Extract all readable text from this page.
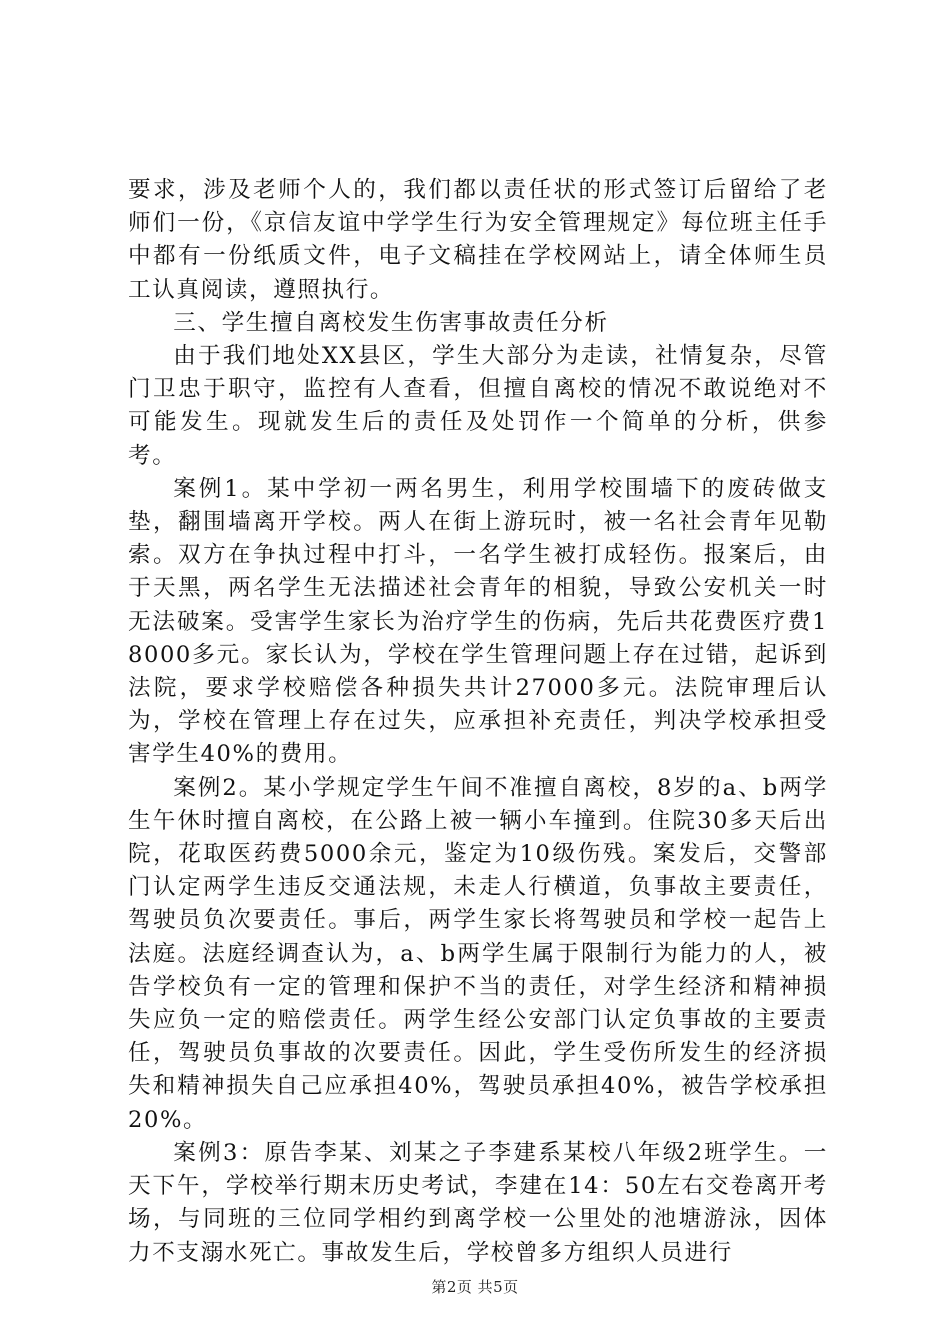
要求，涉及老师个人的，我们都以责任状的形式签订后留给了老师们一份，《京信友谊中学学生行为安全管理规定》每位班主任手中都有一份纸质文件，电子文稿挂在学校网站上，请全体师生员工认真阅读，遵照执行。

三、学生擅自离校发生伤害事故责任分析

由于我们地处XX县区，学生大部分为走读，社情复杂，尽管门卫忠于职守，监控有人查看，但擅自离校的情况不敢说绝对不可能发生。现就发生后的责任及处罚作一个简单的分析，供参考。

案例1。某中学初一两名男生，利用学校围墙下的废砖做支垫，翻围墙离开学校。两人在街上游玩时，被一名社会青年见勒索。双方在争执过程中打斗，一名学生被打成轻伤。报案后，由于天黑，两名学生无法描述社会青年的相貌，导致公安机关一时无法破案。受害学生家长为治疗学生的伤病，先后共花费医疗费18000多元。家长认为，学校在学生管理问题上存在过错，起诉到法院，要求学校赔偿各种损失共计27000多元。法院审理后认为，学校在管理上存在过失，应承担补充责任，判决学校承担受害学生40%的费用。

案例2。某小学规定学生午间不准擅自离校，8岁的a、b两学生午休时擅自离校，在公路上被一辆小车撞到。住院30多天后出院，花取医药费5000余元，鉴定为10级伤残。案发后，交警部门认定两学生违反交通法规，未走人行横道，负事故主要责任，驾驶员负次要责任。事后，两学生家长将驾驶员和学校一起告上法庭。法庭经调查认为，a、b两学生属于限制行为能力的人，被告学校负有一定的管理和保护不当的责任，对学生经济和精神损失应负一定的赔偿责任。两学生经公安部门认定负事故的主要责任，驾驶员负事故的次要责任。因此，学生受伤所发生的经济损失和精神损失自己应承担40%，驾驶员承担40%，被告学校承担20%。

案例3：原告李某、刘某之子李建系某校八年级2班学生。一天下午，学校举行期末历史考试，李建在14：50左右交卷离开考场，与同班的三位同学相约到离学校一公里处的池塘游泳，因体力不支溺水死亡。事故发生后，学校曾多方组织人员进行

第2页 共5页
